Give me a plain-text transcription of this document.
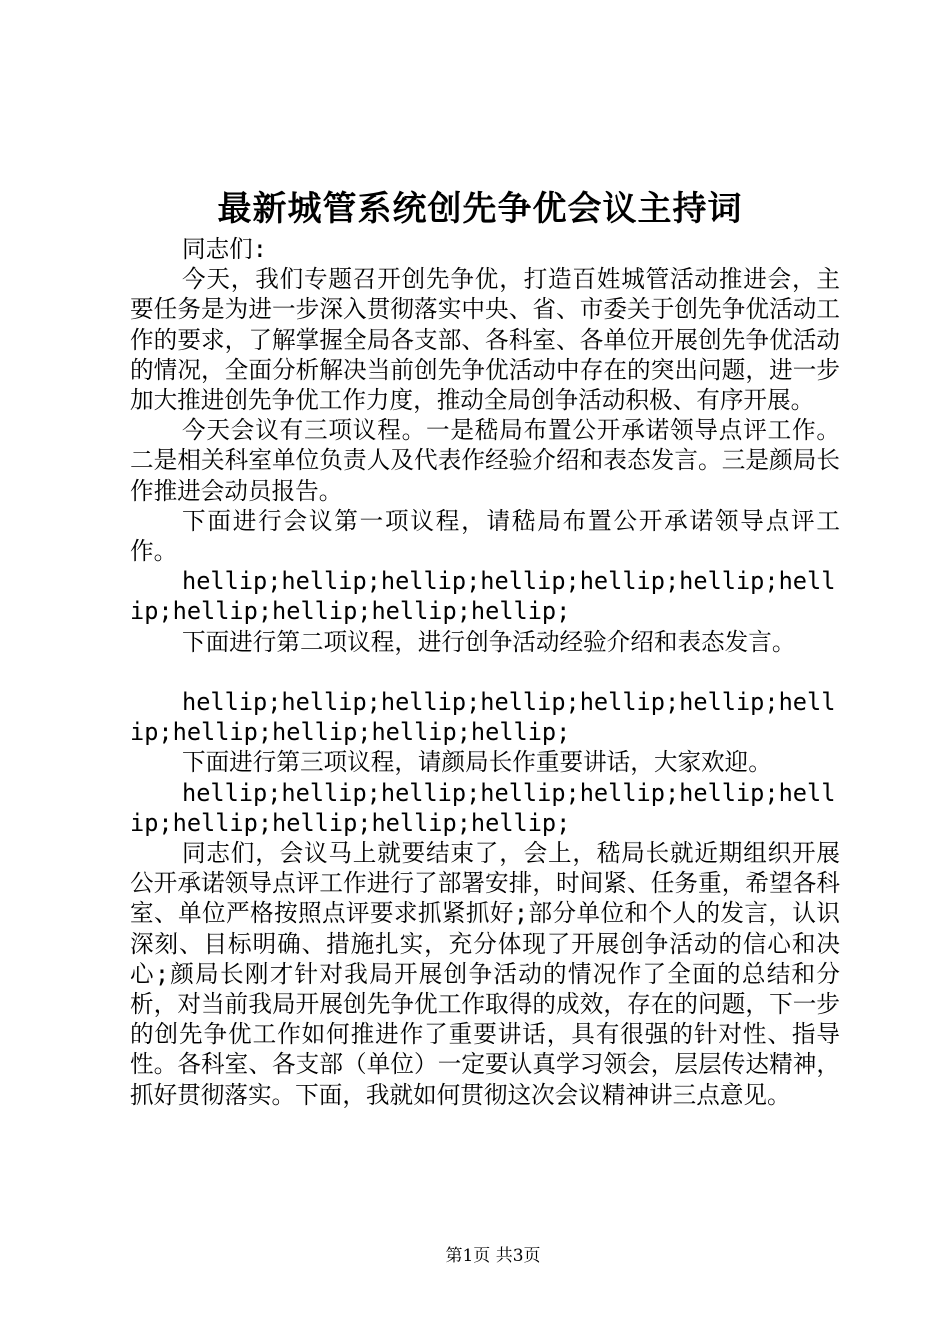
最新城管系统创先争优会议主持词

同志们:

今天，我们专题召开创先争优，打造百姓城管活动推进会，主要任务是为进一步深入贯彻落实中央、省、市委关于创先争优活动工作的要求，了解掌握全局各支部、各科室、各单位开展创先争优活动的情况，全面分析解决当前创先争优活动中存在的突出问题，进一步加大推进创先争优工作力度，推动全局创争活动积极、有序开展。

今天会议有三项议程。一是嵇局布置公开承诺领导点评工作。二是相关科室单位负责人及代表作经验介绍和表态发言。三是颜局长作推进会动员报告。

下面进行会议第一项议程，请嵇局布置公开承诺领导点评工作。

hellip;hellip;hellip;hellip;hellip;hellip;hellip;hellip;hellip;hellip;hellip;

下面进行第二项议程，进行创争活动经验介绍和表态发言。

hellip;hellip;hellip;hellip;hellip;hellip;hellip;hellip;hellip;hellip;hellip;

下面进行第三项议程，请颜局长作重要讲话，大家欢迎。

hellip;hellip;hellip;hellip;hellip;hellip;hellip;hellip;hellip;hellip;hellip;

同志们，会议马上就要结束了，会上，嵇局长就近期组织开展公开承诺领导点评工作进行了部署安排，时间紧、任务重，希望各科室、单位严格按照点评要求抓紧抓好;部分单位和个人的发言，认识深刻、目标明确、措施扎实，充分体现了开展创争活动的信心和决心;颜局长刚才针对我局开展创争活动的情况作了全面的总结和分析，对当前我局开展创先争优工作取得的成效，存在的问题，下一步的创先争优工作如何推进作了重要讲话，具有很强的针对性、指导性。各科室、各支部（单位）一定要认真学习领会，层层传达精神，抓好贯彻落实。下面，我就如何贯彻这次会议精神讲三点意见。

第1页 共3页
